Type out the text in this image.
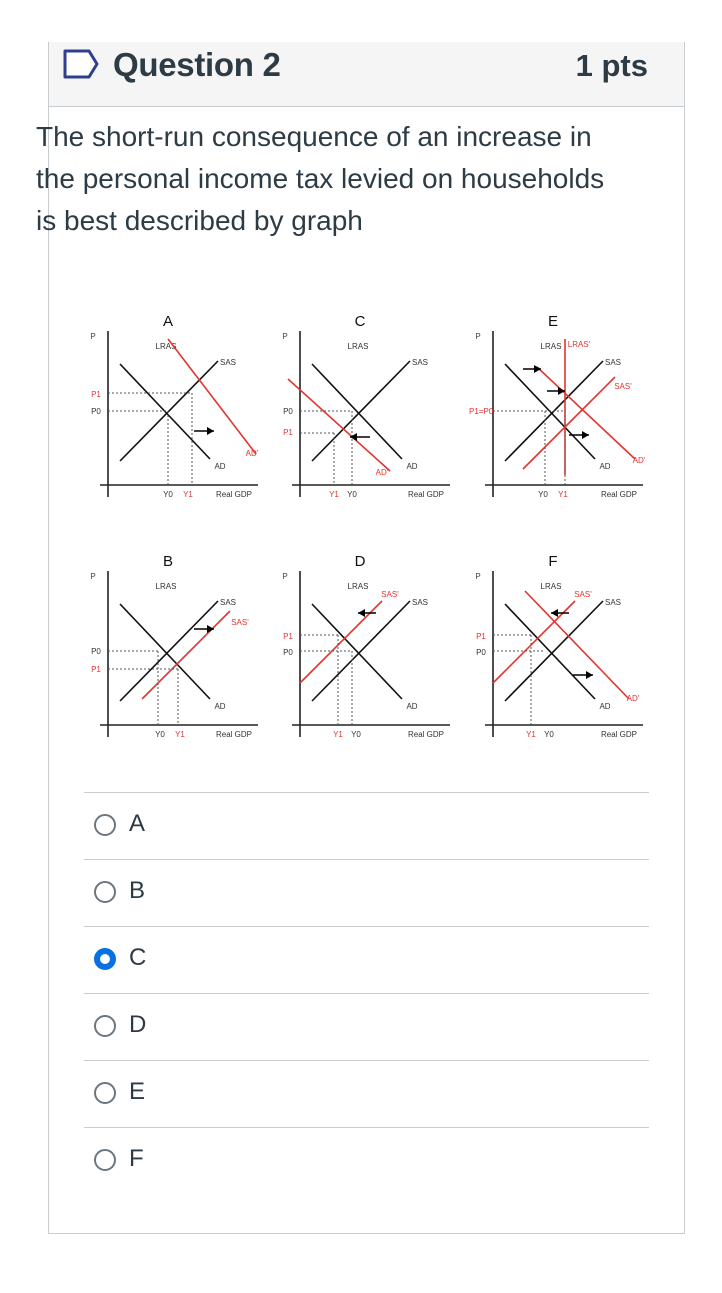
Question 2	1 pts
The short-run consequence of an increase in the personal income tax levied on households is best described by graph
P
A
Real GDP
LRAS
SAS
AD
AD'
P1
P0
Y0 Y1
P
C
Real GDP
LRAS
SAS
AD
AD'
P0
P1
Y1 Y0
P
E
Real GDP
LRAS
SAS
AD
LRAS'
SAS'
AD'
P1=P0
Y0 Y1
P
B
Real GDP
LRAS
SAS
AD
SAS'
P0
P1
Y0 Y1
P
D
Real GDP
LRAS
SAS
AD
SAS'
P1
P0
Y1 Y0
P
F
Real GDP
LRAS
SAS
AD
SAS'
AD'
P1
P0
Y1 Y0
A
B
C
D
E
F
